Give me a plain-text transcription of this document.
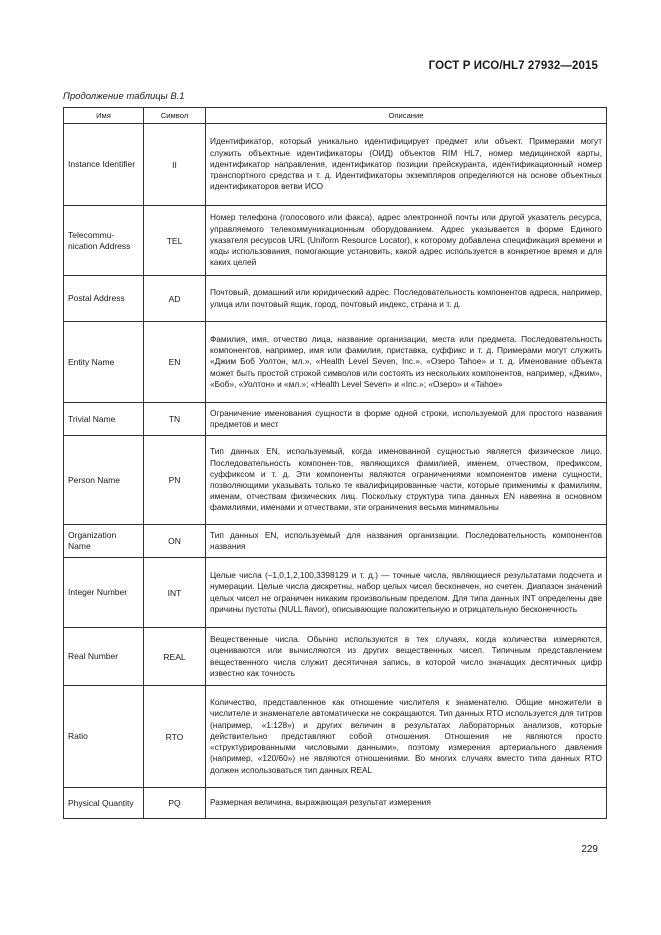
ГОСТ Р ИСО/HL7 27932—2015
Продолжение таблицы В.1
Имя	Символ	Описание
Instance Identifier	II	Идентификатор, который уникально идентифицирует предмет или объект. Примерами могут служить объектные идентификаторы (ОИД) объектов RIM HL7, номер медицинской карты, идентификатор направления, идентификатор позиции прейскуранта, идентификационный номер транспортного средства и т. д. Идентификаторы экземпляров определяются на основе объектных идентификаторов ветви ИСО
Telecommu-nication Address	TEL	Номер телефона (голосового или факса), адрес электронной почты или другой указатель ресурса, управляемого телекоммуникационным оборудованием. Адрес указывается в форме Единого указателя ресурсов URL (Uniform Resource Locator), к которому добавлена спецификация времени и коды использования, помогающие установить, какой адрес используется в конкретное время и для каких целей
Postal Address	AD	Почтовый, домашний или юридический адрес. Последовательность компонентов адреса, например, улица или почтовый ящик, город, почтовый индекс, страна и т. д.
Entity Name	EN	Фамилия, имя, отчество лица, название организации, места или предмета. Последовательность компонентов, например, имя или фамилия, приставка, суффикс и т. д. Примерами могут служить «Джим Боб Уолтон, мл.», «Health Level Seven, Inc.», «Озеро Tahoe» и т. д. Именование объекта может быть простой строкой символов или состоять из нескольких компонентов, например, «Джим», «Боб», «Уолтон» и «мл.»; «Health Level Seven» и «Inc.»; «Озеро» и «Tahoe»
Trivial Name	TN	Ограничение именования сущности в форме одной строки, используемой для простого названия предметов и мест
Person Name	PN	Тип данных EN, используемый, когда именованной сущностью является физическое лицо. Последовательность компонен-тов, являющихся фамилией, именем, отчеством, префиксом, суффиксом и т. д. Эти компоненты являются ограничениями компонентов имени сущности, позволяющими указывать только те квалифицированные части, которые применимы к фамилиям, именам, отчествам физических лиц. Поскольку структура типа данных EN навеяна в основном фамилиями, именами и отчествами, эти ограничения весьма минимальны
Organization Name	ON	Тип данных EN, используемый для названия организации. Последовательность компонентов названия
Integer Number	INT	Целые числа (–1,0,1,2,100,3398129 и т. д.) — точные числа, являющиеся результатами подсчета и нумерации. Целые числа дискретны, набор целых чисел бесконечен, но счетен. Диапазон значений целых чисел не ограничен никаким произвольным пределом. Для типа данных INT определены две причины пустоты (NULL flavor), описывающие положительную и отрицательную бесконечность
Real Number	REAL	Вещественные числа. Обычно используются в тех случаях, когда количества измеряются, оцениваются или вычисляются из других вещественных чисел. Типичным представлением вещественного числа служит десятичная запись, в которой число значащих десятичных цифр известно как точность
Ratio	RTO	Количество, представленное как отношение числителя к знаменателю. Общие множители в числителе и знаменателе автоматически не сокращаются. Тип данных RTO используется для титров (например, «1:128») и других величин в результатах лабораторных анализов, которые действительно представляют собой отношения. Отношения не являются просто «структурированными числовыми данными», поэтому измерения артериального давления (например, «120/60») не являются отношениями. Во многих случаях вместо типа данных RTO должен использоваться тип данных REAL
Physical Quantity	PQ	Размерная величина, выражающая результат измерения
229
